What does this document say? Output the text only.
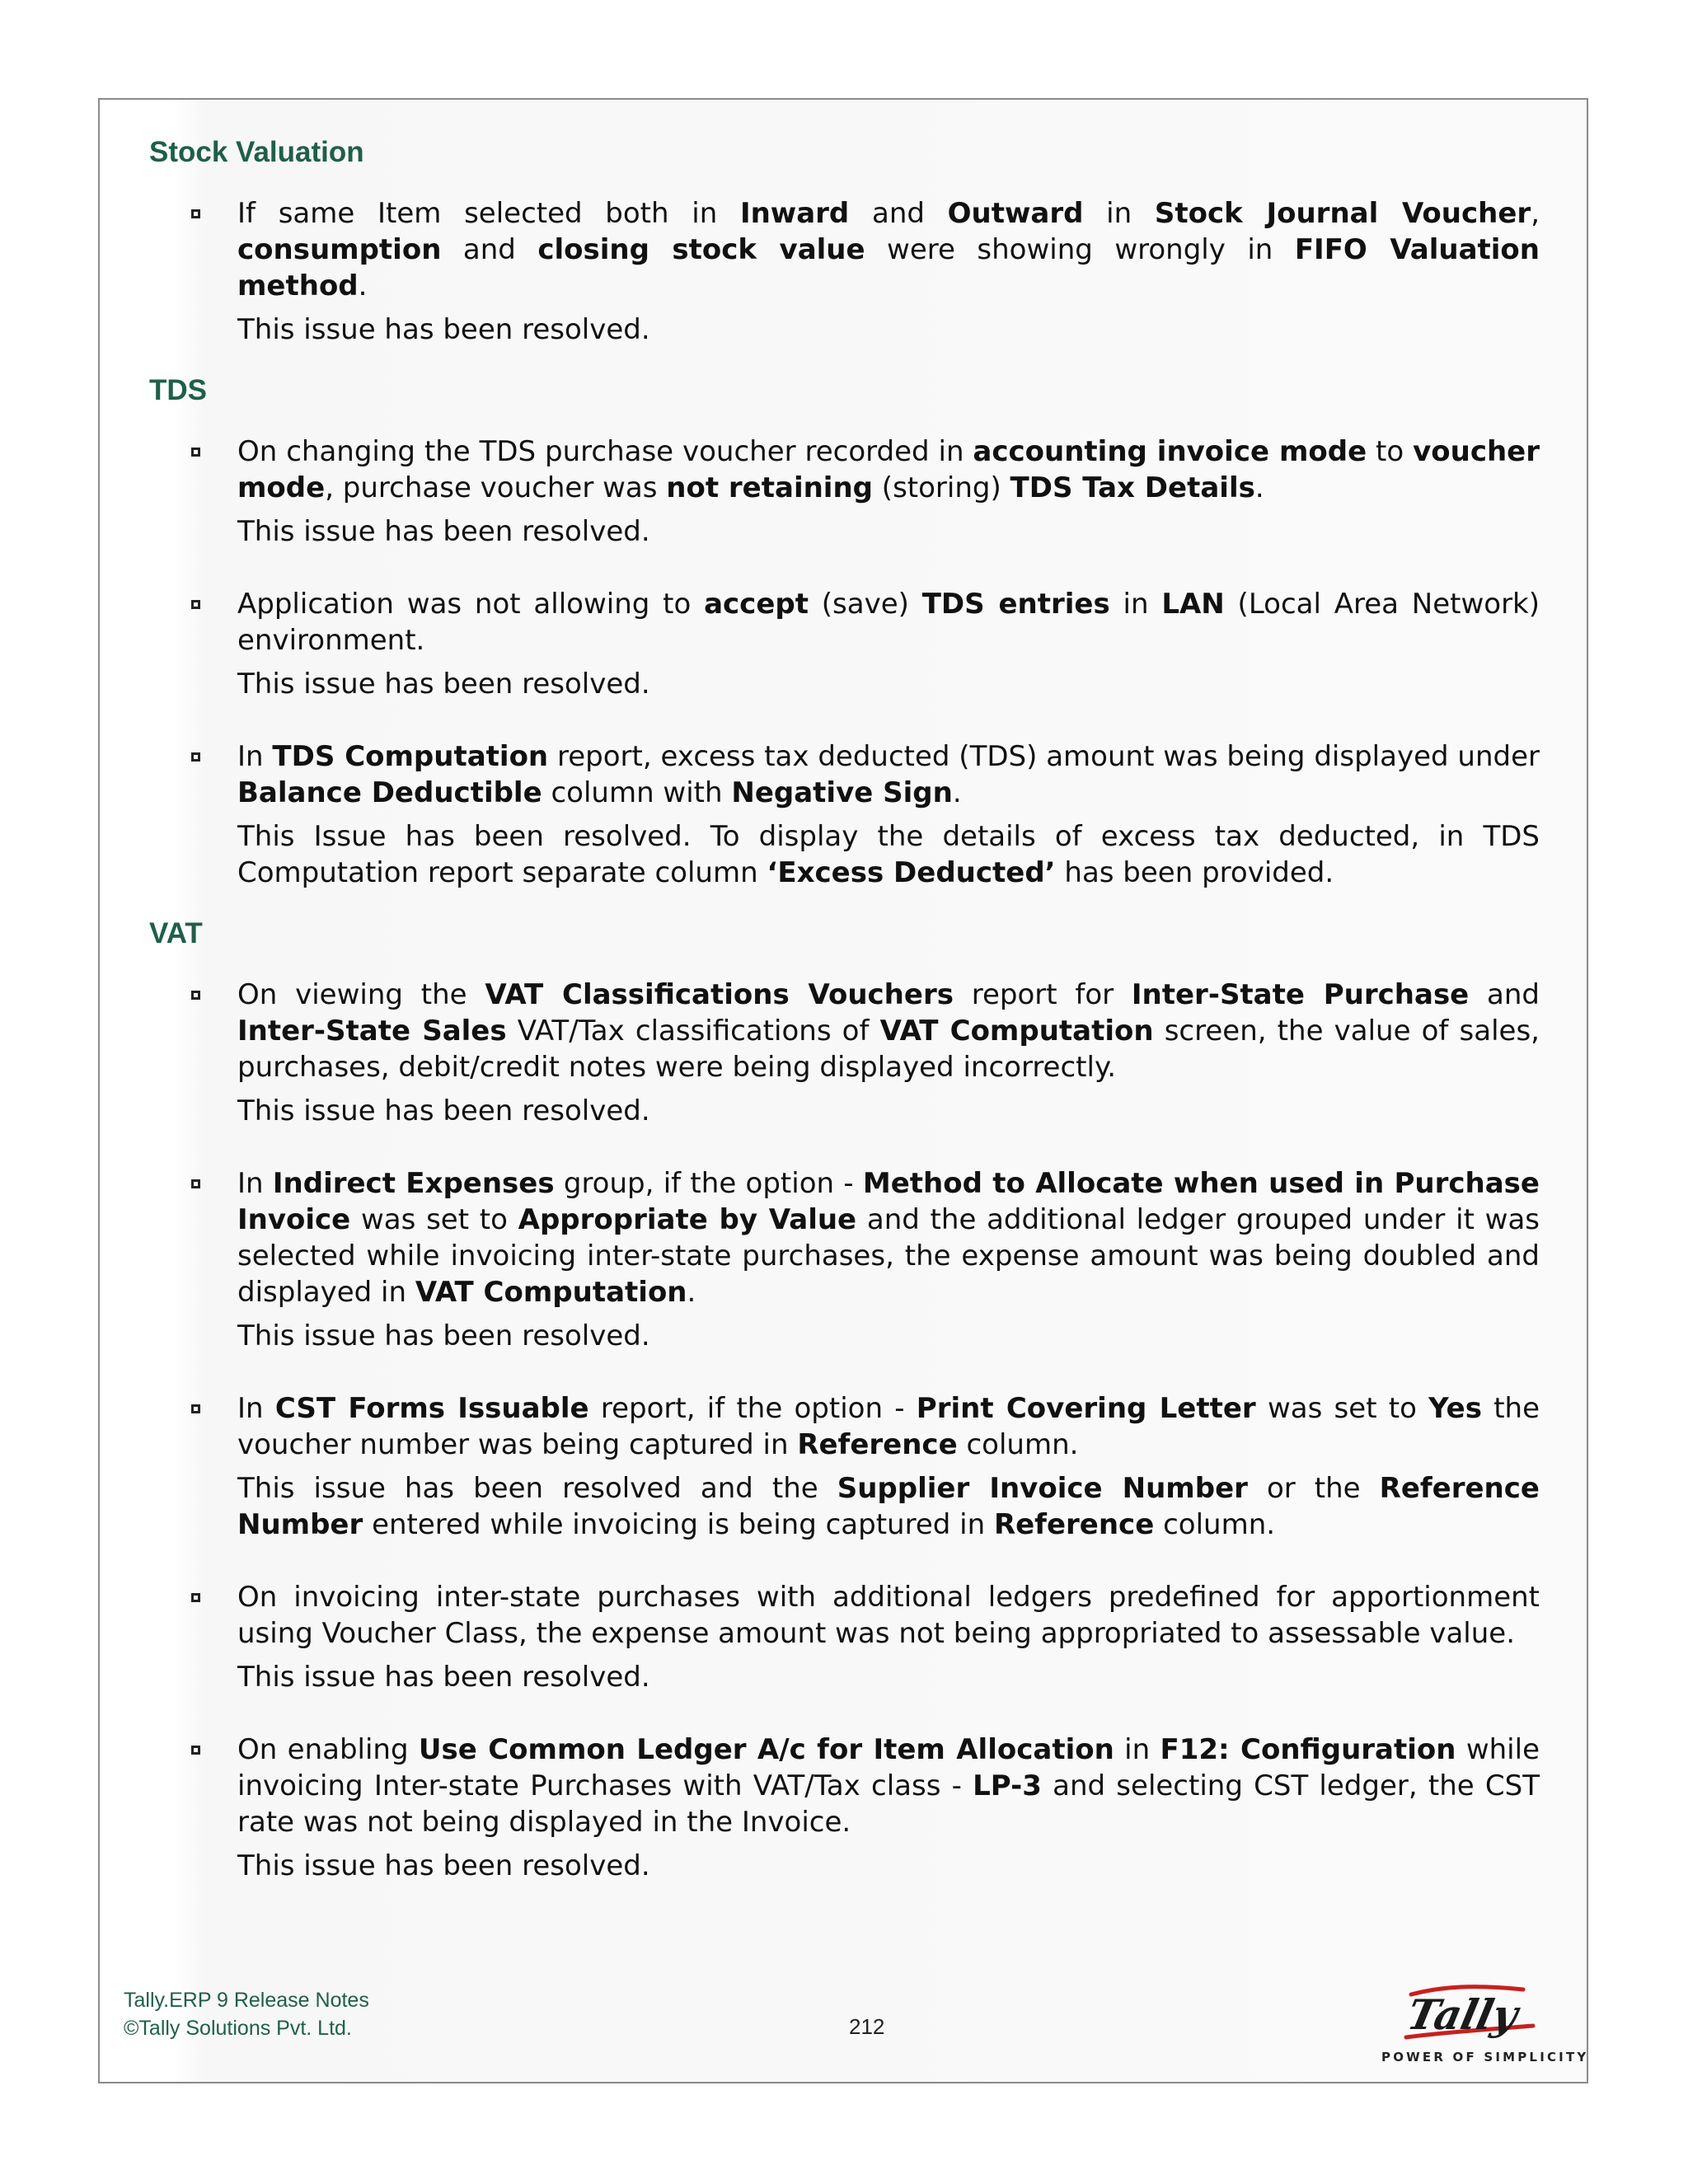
Stock Valuation

If same Item selected both in Inward and Outward in Stock Journal Voucher, consumption and closing stock value were showing wrongly in FIFO Valuation method.

This issue has been resolved.

TDS

On changing the TDS purchase voucher recorded in accounting invoice mode to voucher mode, purchase voucher was not retaining (storing) TDS Tax Details.

This issue has been resolved.

Application was not allowing to accept (save) TDS entries in LAN (Local Area Network) environment.

This issue has been resolved.

In TDS Computation report, excess tax deducted (TDS) amount was being displayed under Balance Deductible column with Negative Sign.

This Issue has been resolved. To display the details of excess tax deducted, in TDS Computation report separate column ‘Excess Deducted’ has been provided.

VAT

On viewing the VAT Classifications Vouchers report for Inter-State Purchase and Inter-State Sales VAT/Tax classifications of VAT Computation screen, the value of sales, purchases, debit/credit notes were being displayed incorrectly.

This issue has been resolved.

In Indirect Expenses group, if the option - Method to Allocate when used in Purchase Invoice was set to Appropriate by Value and the additional ledger grouped under it was selected while invoicing inter-state purchases, the expense amount was being doubled and displayed in VAT Computation.

This issue has been resolved.

In CST Forms Issuable report, if the option - Print Covering Letter was set to Yes the voucher number was being captured in Reference column.

This issue has been resolved and the Supplier Invoice Number or the Reference Number entered while invoicing is being captured in Reference column.

On invoicing inter-state purchases with additional ledgers predefined for apportionment using Voucher Class, the expense amount was not being appropriated to assessable value.

This issue has been resolved.

On enabling Use Common Ledger A/c for Item Allocation in F12: Configuration while invoicing Inter-state Purchases with VAT/Tax class - LP-3 and selecting CST ledger, the CST rate was not being displayed in the Invoice.

This issue has been resolved.

Tally.ERP 9 Release Notes
©Tally Solutions Pvt. Ltd.	212	Tally
POWER OF SIMPLICITY
